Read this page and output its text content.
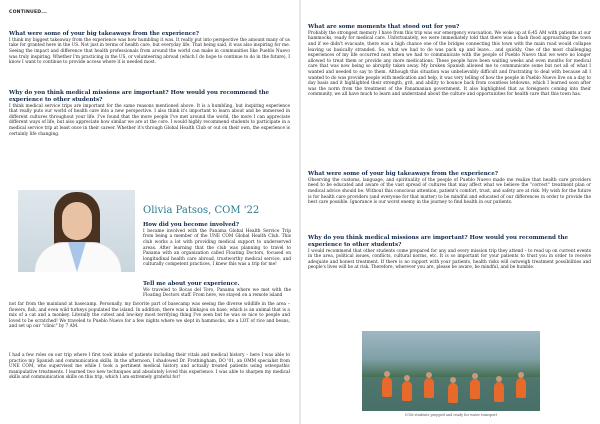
CONTINUED...

What were some of your big takeaways from the experience?

I think my biggest takeaway from the experience was how humbling it was. It really put into perspective the amount many of us take for granted here in the US. Not just in terms of health care, but everyday life. That being said, it was also inspiring for me. Seeing the impact and difference that health professionals from around the world can make in communities like Pueblo Nuevo was truly inspiring. Whether I'm practicing in the US, or volunteering abroad (which I do hope to continue to do in the future), I know I want to continue to provide access where it is needed most.

Why do you think medical missions are important? How would you recommend the experience to other students?

I think medical service trips are important for the same reasons mentioned above. It is a humbling, but inspiring experience that really puts our world of health care into a new perspective. I also think it's important to learn about and be immersed in different cultures throughout your life. I've found that the more people I've met around the world, the more I can appreciate different ways of life, but also appreciate how similar we are at the core. I would highly recommend students to participate in a medical service trip at least once in their career. Whether it's through Global Health Club or out on their own, the experience is certainly life changing.

Olivia Patsos, COM '22

How did you become involved?

I became involved with the Panama Global Health Service Trip from being a member of the UNE COM Global Health Club. This club works a lot with providing medical support to underserved areas. After learning that the club was planning to travel to Panama with an organization called Floating Doctors, focused on longitudinal health care abroad, trustworthy medical service, and culturally competent practices, I knew this was a trip for me!

Tell me about your experience.

We traveled to Bocas del Toro, Panama where we met with the Floating Doctors staff. From here, we stayed on a remote island

not far from the mainland at basecamp. Personally, my favorite part of basecamp was seeing the diverse wildlife in the area – flowers, fish, and even wild turkeys populated the island. In addition, there was a kinkajou on base, which is an animal that is a mix of a cat and a monkey. Literally the cutest and low-key most terrifying thing I've seen but he was so nice to people and loved to be scratched! We traveled to Pueblo Nuevo for a few nights where we slept in hammocks, ate a LOT of rice and beans, and set up our "clinic" by 7 AM.

I had a few roles on our trip where I first took intake of patients including their vitals and medical history – here I was able to practice my Spanish and communication skills. In the afternoon, I shadowed Dr. Frothingham, DO '01, an OMM specialist from UNE COM, who supervised me while I took a pertinent medical history and actually treated patients using osteopathic manipulative treatments. I learned two new techniques and absolutely loved this experience. I was able to sharpen my medical skills and communication skills on this trip, which I am extremely grateful for!

What are some moments that stood out for you?

Probably the strongest memory I have from this trip was our emergency evacuation. We woke up at 6:45 AM with patients at our hammocks, ready for medical care. Unfortunately, we were immediately told that there was a flash flood approaching the town and if we didn't evacuate, there was a high chance one of the bridges connecting this town with the main road would collapse leaving us basically stranded. So, what we had to do was pack up and leave... and quickly. One of the most challenging experiences of my life occurred next when we had to communicate with the people of Pueblo Nuevo that we were no longer allowed to treat them or provide any more medications. These people have been waiting weeks and even months for medical care that was now being so abruptly taken away. My broken Spanish allowed me to communicate some but not all of what I wanted and needed to say to them. Although this situation was unbelievably difficult and frustrating to deal with because all I wanted to do was provide people with medication and help, it was very telling of how the people in Pueblo Nuevo live on a day to day basis and it highlighted their strength, grit, and ability to bounce back from countless letdowns, which I learned soon after was the norm from the treatment of the Panamanian government. It also highlighted that as foreigners coming into their community, we all have much to learn and understand about the culture and opportunities for health care that this town has.

What were some of your big takeaways from the experience?

Observing the customs, language, and spirituality of the people of Pueblo Nuevo made me realize that health care providers need to be educated and aware of the vast spread of cultures that may affect what we believe the "correct" treatment plan or medical advice should be. Without this conscious attention, patient's comfort, trust, and safety are at risk. My wish for the future is for health care providers (and everyone for that matter) to be mindful and educated of our differences in order to provide the best care possible. Ignorance is our worst enemy in the journey to find health in our patients.

Why do you think medical missions are important? How would you recommend the experience to other students?

I would recommend that other students come prepared for any and every mission trip they attend – to read up on current events in the area, political issues, conflicts, cultural norms, etc. It is so important for your patients to trust you in order to receive adequate and honest treatment. If there is no rapport with your patients, health risks will outweigh treatment possibilities and people's lives will be at risk. Therefore, wherever you are, please be aware, be mindful, and be humble.

COM students prepped and ready for water transport
